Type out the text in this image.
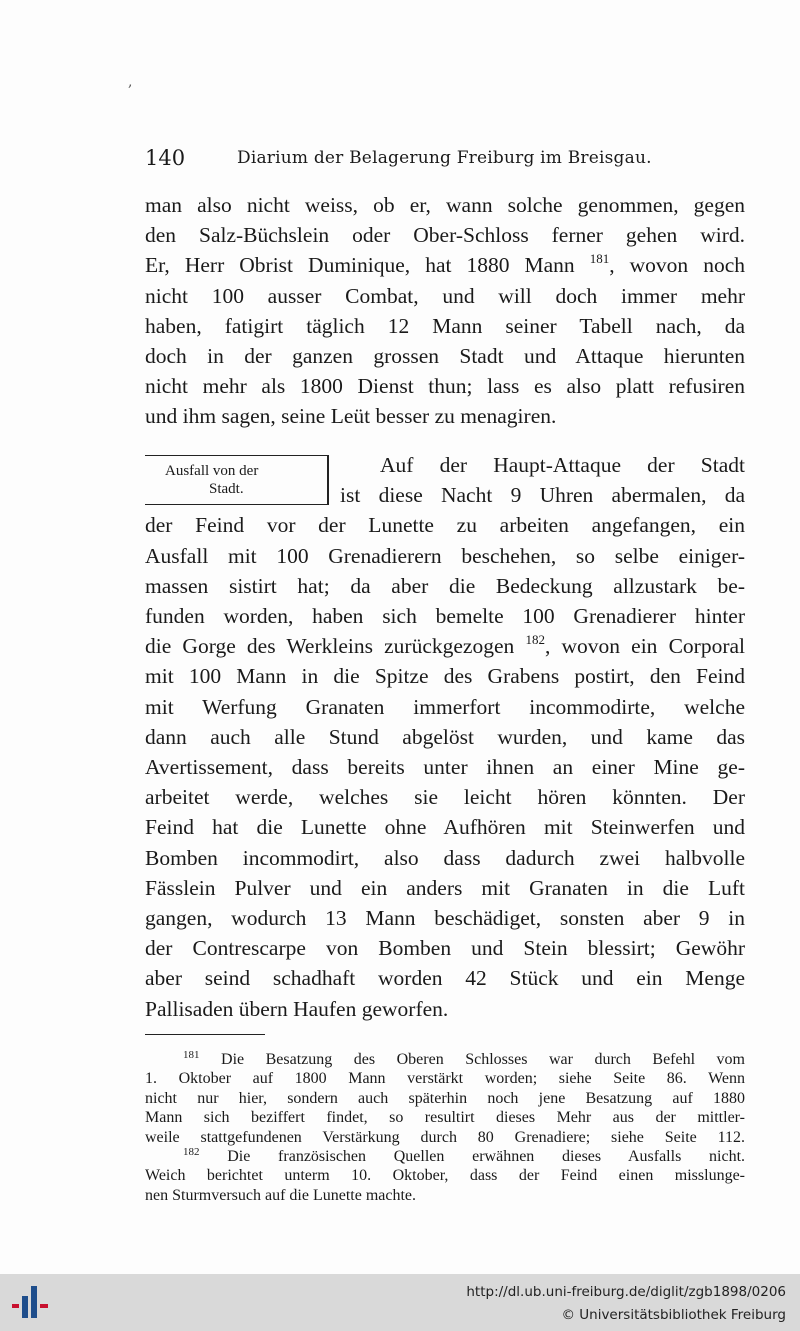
,
140	Diarium der Belagerung Freiburg im Breisgau.

man also nicht weiss, ob er, wann solche genommen, gegen
den Salz-Büchslein oder Ober-Schloss ferner gehen wird.
Er, Herr Obrist Duminique, hat 1880 Mann $^{181}$, wovon noch
nicht 100 ausser Combat, und will doch immer mehr
haben, fatigirt täglich 12 Mann seiner Tabell nach, da
doch in der ganzen grossen Stadt und Attaque hierunten
nicht mehr als 1800 Dienst thun; lass es also platt refusiren
und ihm sagen, seine Leüt besser zu menagiren.

Ausfall von der
Stadt.

Auf der Haupt-Attaque der Stadt
ist diese Nacht 9 Uhren abermalen, da
der Feind vor der Lunette zu arbeiten angefangen, ein
Ausfall mit 100 Grenadierern beschehen, so selbe einiger-
massen sistirt hat; da aber die Bedeckung allzustark be-
funden worden, haben sich bemelte 100 Grenadierer hinter
die Gorge des Werkleins zurückgezogen $^{182}$, wovon ein Corporal
mit 100 Mann in die Spitze des Grabens postirt, den Feind
mit Werfung Granaten immerfort incommodirte, welche
dann auch alle Stund abgelöst wurden, und kame das
Avertissement, dass bereits unter ihnen an einer Mine ge-
arbeitet werde, welches sie leicht hören könnten. Der
Feind hat die Lunette ohne Aufhören mit Steinwerfen und
Bomben incommodirt, also dass dadurch zwei halbvolle
Fässlein Pulver und ein anders mit Granaten in die Luft
gangen, wodurch 13 Mann beschädiget, sonsten aber 9 in
der Contrescarpe von Bomben und Stein blessirt; Gewöhr
aber seind schadhaft worden 42 Stück und ein Menge
Pallisaden übern Haufen geworfen.

$^{181}$ Die Besatzung des Oberen Schlosses war durch Befehl vom
1. Oktober auf 1800 Mann verstärkt worden; siehe Seite 86. Wenn
nicht nur hier, sondern auch späterhin noch jene Besatzung auf 1880
Mann sich beziffert findet, so resultirt dieses Mehr aus der mittler-
weile stattgefundenen Verstärkung durch 80 Grenadiere; siehe Seite 112.
$^{182}$ Die französischen Quellen erwähnen dieses Ausfalls nicht.
Weich berichtet unterm 10. Oktober, dass der Feind einen misslunge-
nen Sturmversuch auf die Lunette machte.
http://dl.ub.uni-freiburg.de/diglit/zgb1898/0206
© Universitätsbibliothek Freiburg
